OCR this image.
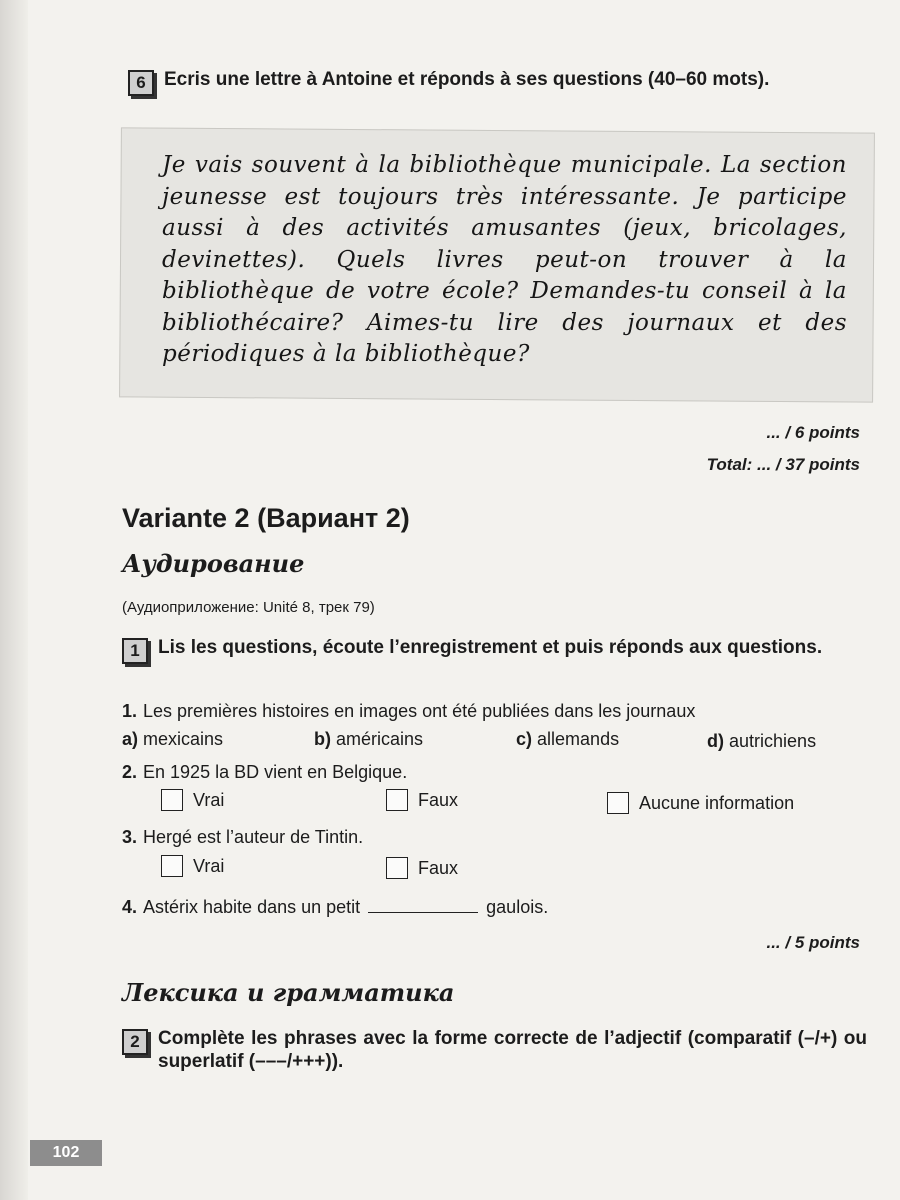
6 Ecris une lettre à Antoine et réponds à ses questions (40–60 mots).
Je vais souvent à la bibliothèque municipale. La section jeunesse est toujours très intéressante. Je participe aussi à des activités amusantes (jeux, bricolages, devinettes). Quels livres peut-on trouver à la bibliothèque de votre école? Demandes-tu conseil à la bibliothécaire? Aimes-tu lire des journaux et des périodiques à la bibliothèque?
... / 6 points
Total: ... / 37 points
Variante 2 (Вариант 2)
Аудирование
(Аудиоприложение: Unité 8, трек 79)
1 Lis les questions, écoute l’enregistrement et puis réponds aux questions.
1. Les premières histoires en images ont été publiées dans les journaux
a) mexicains	b) américains	c) allemands	d) autrichiens
2. En 1925 la BD vient en Belgique.
Vrai	Faux	Aucune information
3. Hergé est l’auteur de Tintin.
Vrai	Faux
4. Astérix habite dans un petit	gaulois.
... / 5 points
Лексика и грамматика
2 Complète les phrases avec la forme correcte de l’adjectif (comparatif (–/+) ou superlatif (–––/+++)).
102
